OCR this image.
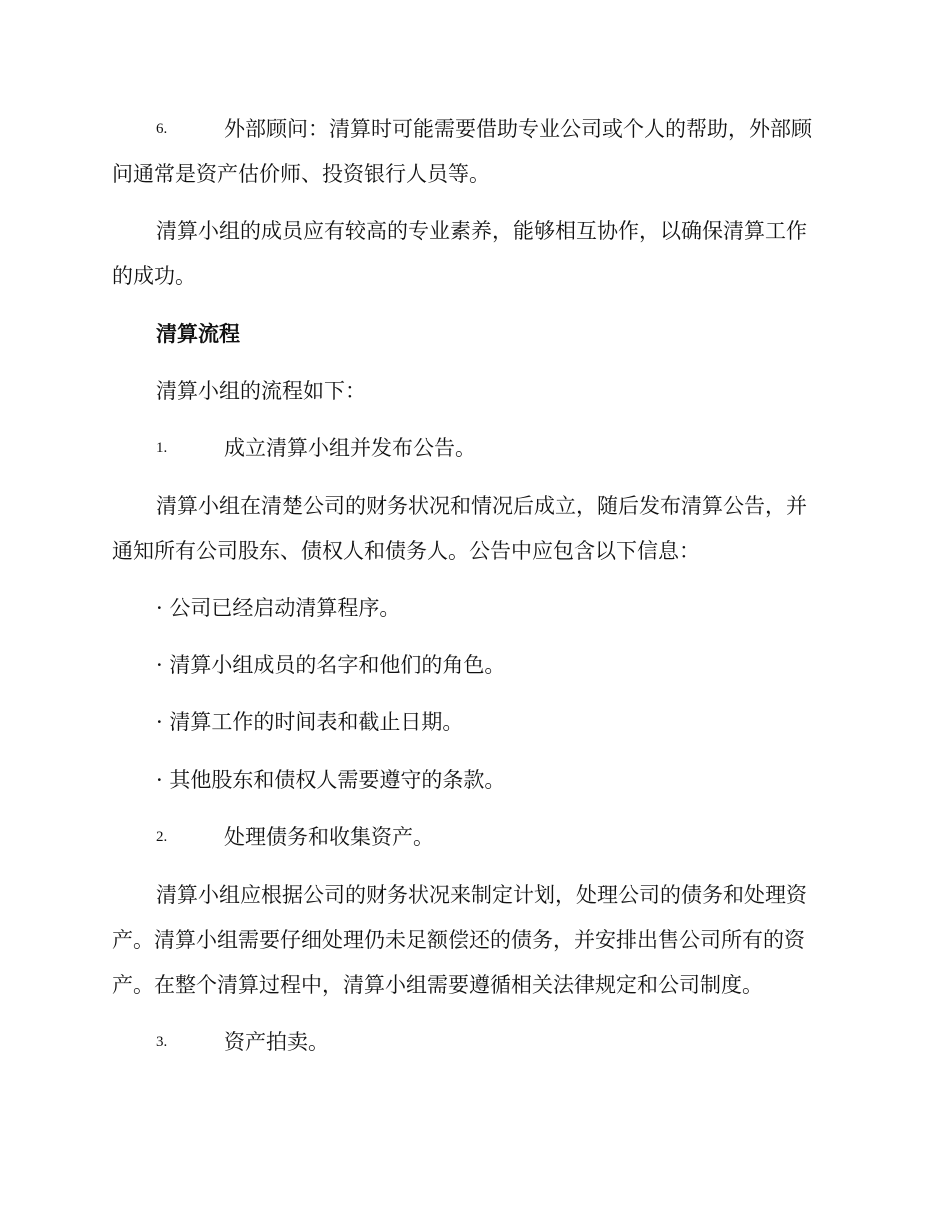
6.	外部顾问：清算时可能需要借助专业公司或个人的帮助，外部顾
问通常是资产估价师、投资银行人员等。
清算小组的成员应有较高的专业素养，能够相互协作，以确保清算工作
的成功。
清算流程
清算小组的流程如下：
1.	成立清算小组并发布公告。
清算小组在清楚公司的财务状况和情况后成立，随后发布清算公告，并
通知所有公司股东、债权人和债务人。公告中应包含以下信息：
· 公司已经启动清算程序。
· 清算小组成员的名字和他们的角色。
· 清算工作的时间表和截止日期。
· 其他股东和债权人需要遵守的条款。
2.	处理债务和收集资产。
清算小组应根据公司的财务状况来制定计划，处理公司的债务和处理资
产。清算小组需要仔细处理仍未足额偿还的债务，并安排出售公司所有的资
产。在整个清算过程中，清算小组需要遵循相关法律规定和公司制度。
3.	资产拍卖。
